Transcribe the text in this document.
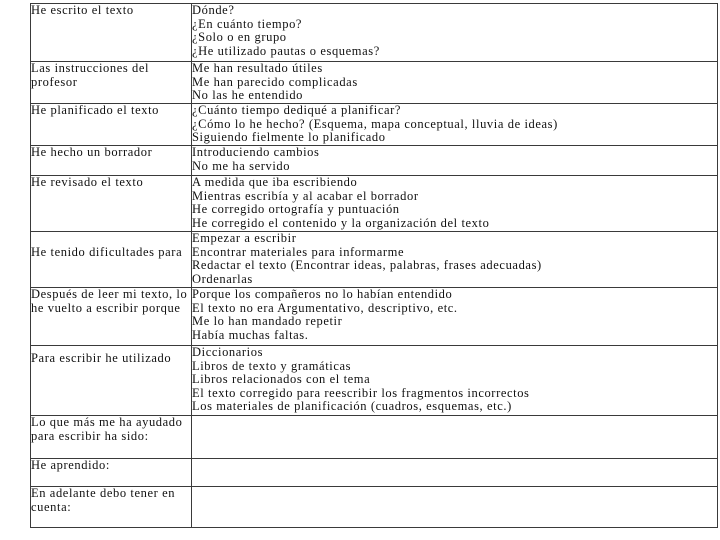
He escrito el texto	Dónde?
¿En cuánto tiempo?
¿Solo o en grupo
¿He utilizado pautas o esquemas?

Las instrucciones del profesor	Me han resultado útiles
Me han parecido complicadas
No las he entendido

He planificado el texto	¿Cuánto tiempo dediqué a planificar?
¿Cómo lo he hecho? (Esquema, mapa conceptual, lluvia de ideas)
Siguiendo fielmente lo planificado

He hecho un borrador	Introduciendo cambios
No me ha servido

He revisado el texto	A medida que iba escribiendo
Mientras escribía y al acabar el borrador
He corregido ortografía y puntuación
He corregido el contenido y la organización del texto

He tenido dificultades para	Empezar a escribir
Encontrar materiales para informarme
Redactar el texto (Encontrar ideas, palabras, frases adecuadas)
Ordenarlas

Después de leer mi texto, lo he vuelto a escribir porque	Porque los compañeros no lo habían entendido
El texto no era Argumentativo, descriptivo, etc.
Me lo han mandado repetir
Había muchas faltas.

Para escribir he utilizado	Diccionarios
Libros de texto y gramáticas
Libros relacionados con el tema
El texto corregido para reescribir los fragmentos incorrectos
Los materiales de planificación (cuadros, esquemas, etc.)

Lo que más me ha ayudado para escribir ha sido:	
He aprendido:	
En adelante debo tener en cuenta:	
